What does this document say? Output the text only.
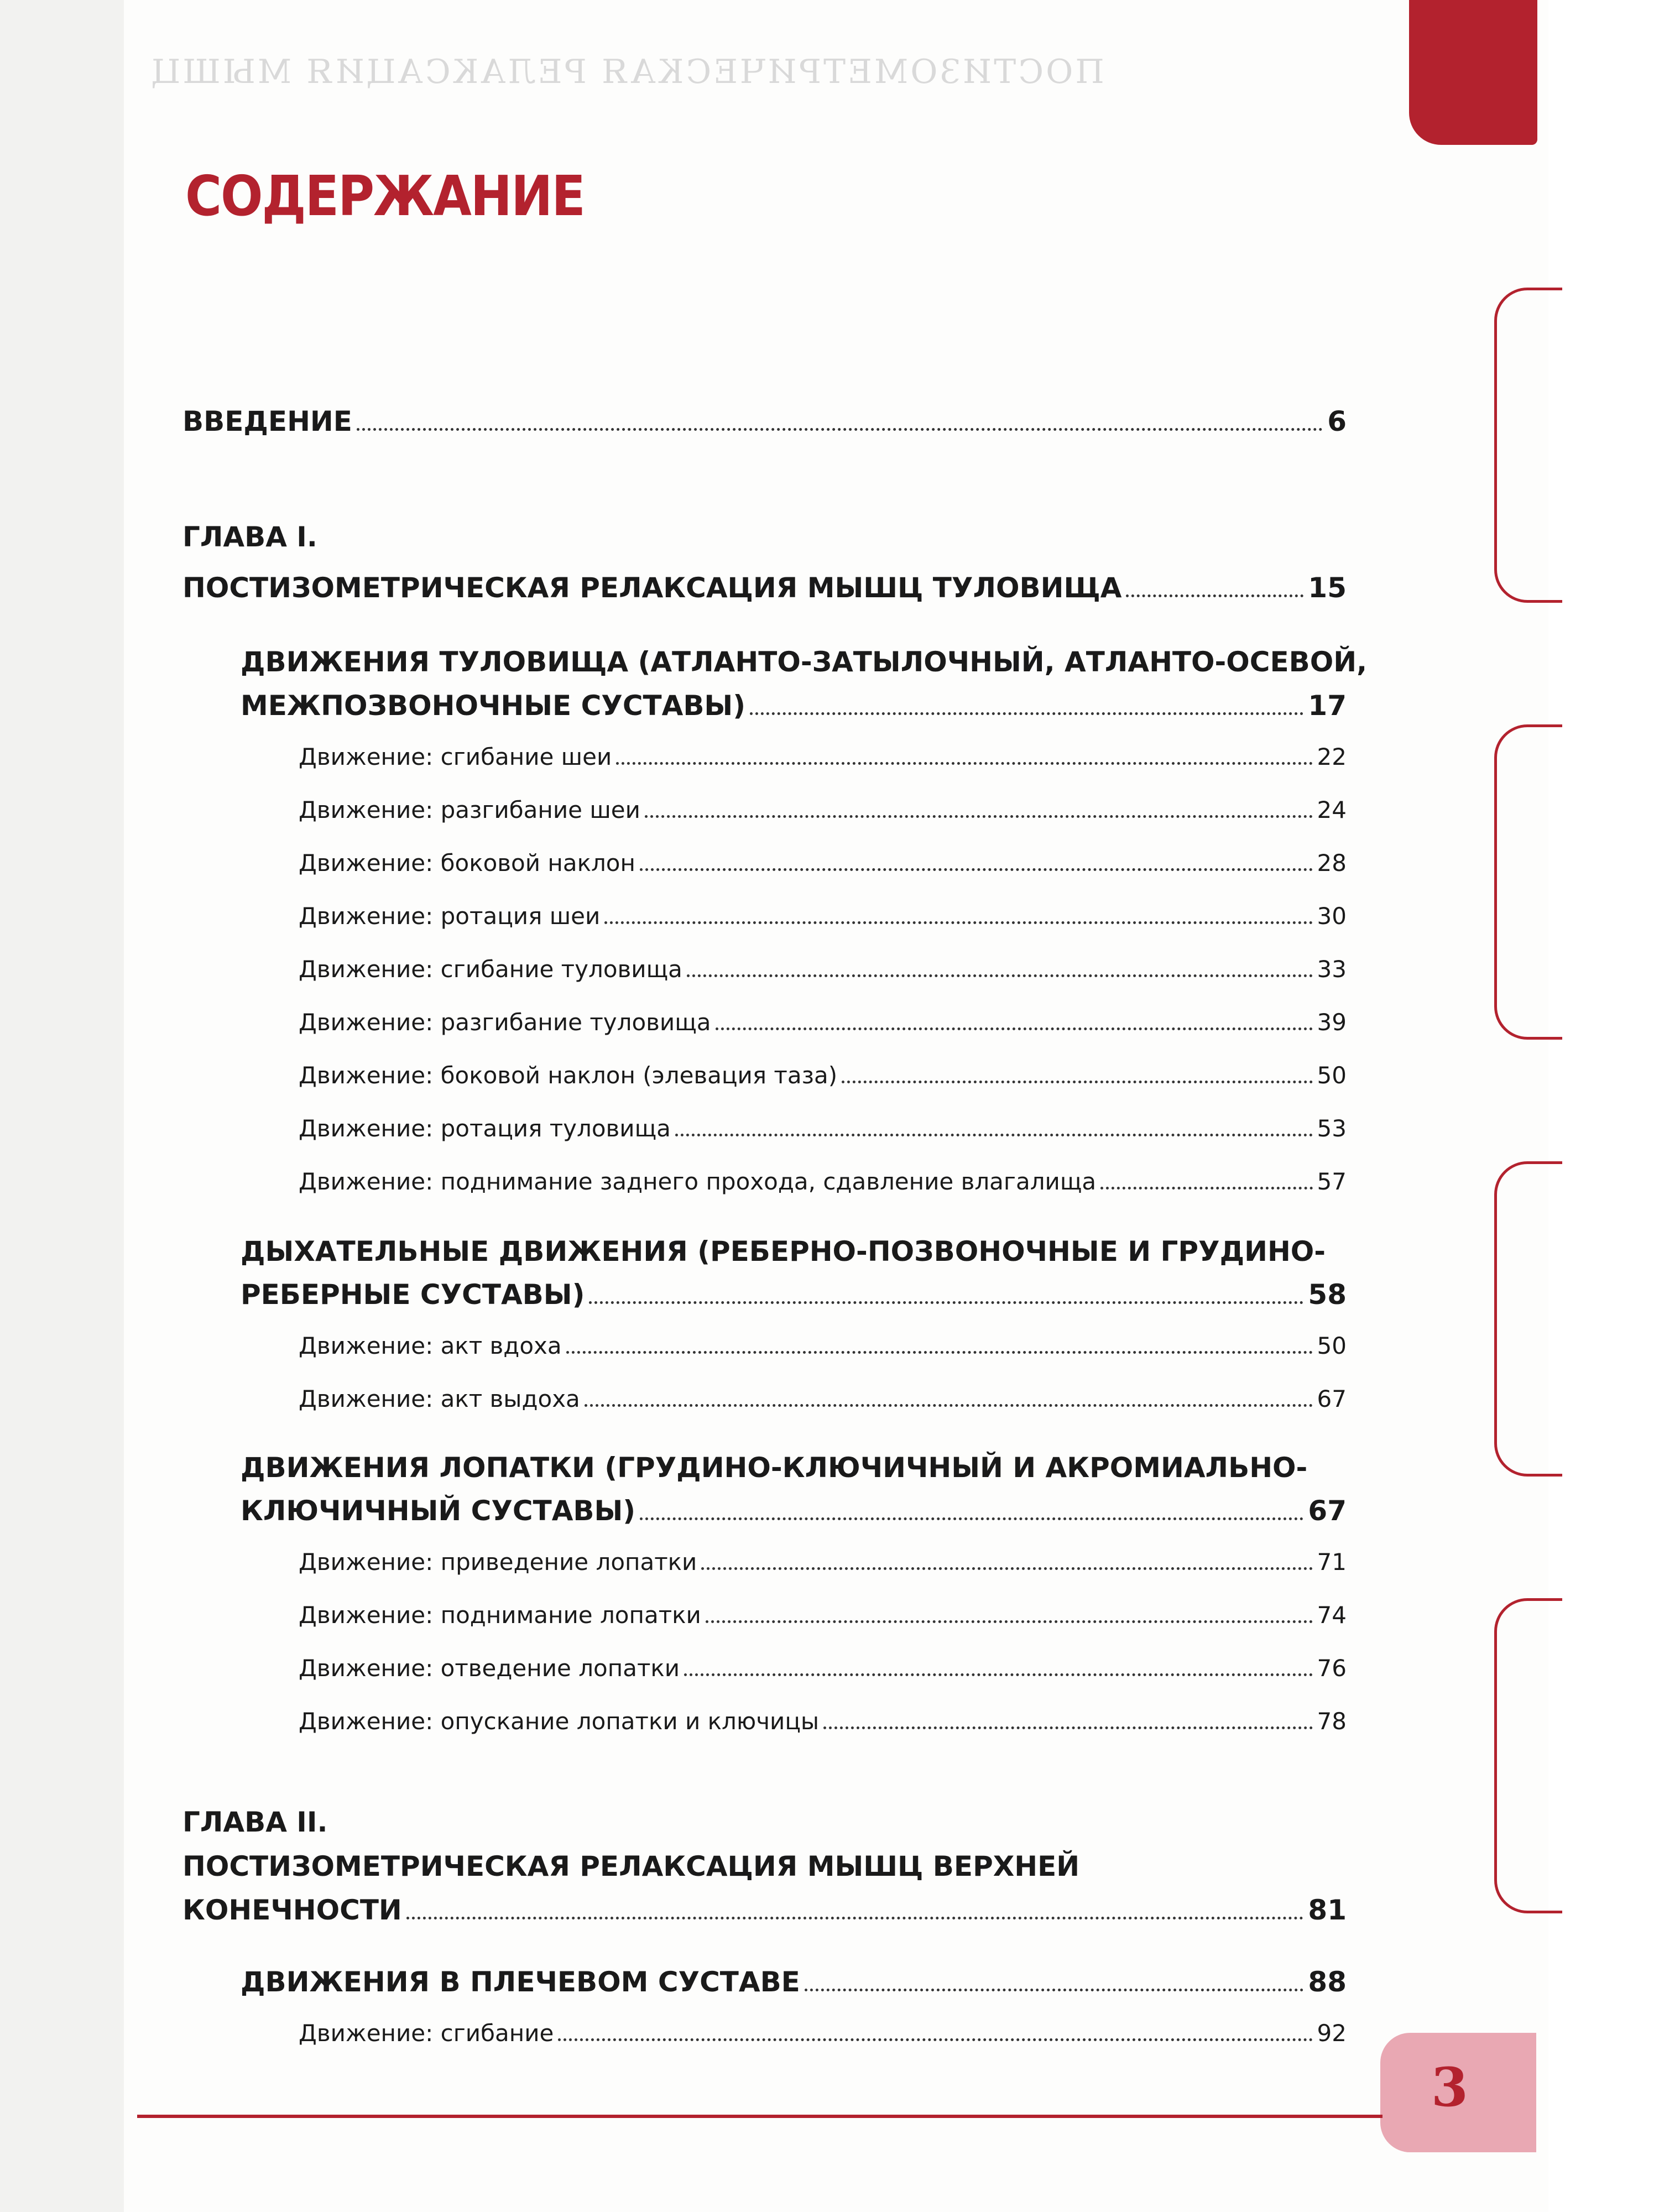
ПОСТИЗОМЕТРИЧЕСКАЯ РЕЛАКСАЦИЯ МЫШЦ
СОДЕРЖАНИЕ
ВВЕДЕНИЕ	6
ГЛАВА I.
ПОСТИЗОМЕТРИЧЕСКАЯ РЕЛАКСАЦИЯ МЫШЦ ТУЛОВИЩА	15
ДВИЖЕНИЯ ТУЛОВИЩА (АТЛАНТО-ЗАТЫЛОЧНЫЙ, АТЛАНТО-ОСЕВОЙ,
МЕЖПОЗВОНОЧНЫЕ СУСТАВЫ)	17
Движение: сгибание шеи	22
Движение: разгибание шеи	24
Движение: боковой наклон	28
Движение: ротация шеи	30
Движение: сгибание туловища	33
Движение: разгибание туловища	39
Движение: боковой наклон (элевация таза)	50
Движение: ротация туловища	53
Движение: поднимание заднего прохода, сдавление влагалища	57
ДЫХАТЕЛЬНЫЕ ДВИЖЕНИЯ (РЕБЕРНО-ПОЗВОНОЧНЫЕ И ГРУДИНО-
РЕБЕРНЫЕ СУСТАВЫ)	58
Движение: акт вдоха	50
Движение: акт выдоха	67
ДВИЖЕНИЯ ЛОПАТКИ (ГРУДИНО-КЛЮЧИЧНЫЙ И АКРОМИАЛЬНО-
КЛЮЧИЧНЫЙ СУСТАВЫ)	67
Движение: приведение лопатки	71
Движение: поднимание лопатки	74
Движение: отведение лопатки	76
Движение: опускание лопатки и ключицы	78
ГЛАВА II.
ПОСТИЗОМЕТРИЧЕСКАЯ РЕЛАКСАЦИЯ МЫШЦ ВЕРХНЕЙ
КОНЕЧНОСТИ	81
ДВИЖЕНИЯ В ПЛЕЧЕВОМ СУСТАВЕ	88
Движение: сгибание	92
3
